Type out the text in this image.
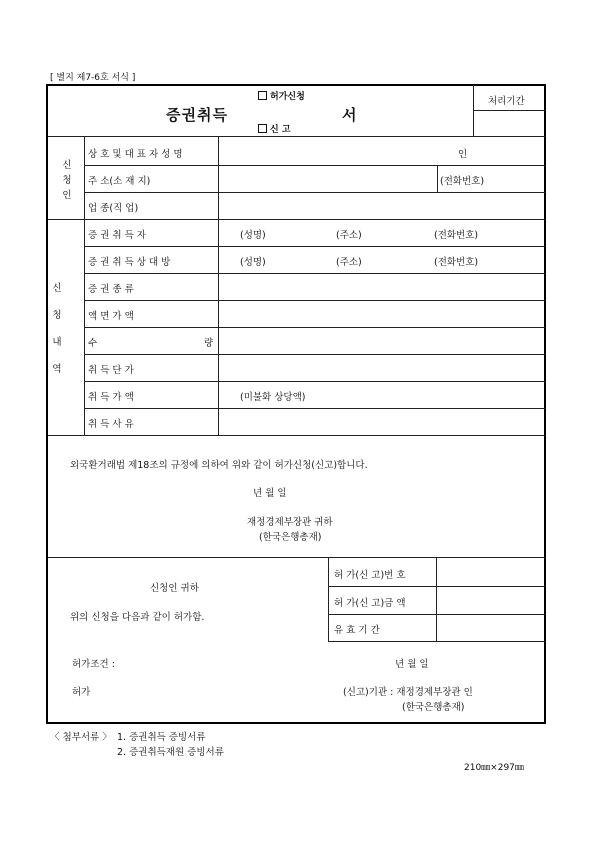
[ 별지 제7-6호 서식 ]
허가신청
증권취득	서
신 고
처리기간
신
청
인
상 호 및 대 표 자 성 명	인
주 소(소 재 지)	(전화번호)
업 종(직 업)
신
청
내
역
증 권 취 득 자	(성명)	(주소)	(전화번호)
증 권 취 득 상 대 방	(성명)	(주소)	(전화번호)
증 권 종 류
액 면 가 액
수	량
취 득 단 가
취 득 가 액	(미불화 상당액)
취 득 사 유
외국환거래법 제18조의 규정에 의하여 위와 같이 허가신청(신고)합니다.
년 월 일
재정경제부장관 귀하
(한국은행총재)
신청인 귀하
위의 신청을 다음과 같이 허가함.
허 가(신 고)번 호
허 가(신 고)금 액
유 효 기 간
허가조건 :	년 월 일
허가	(신고)기관 : 재정경제부장관 인
(한국은행총재)
〈 첨부서류 〉 1. 증권취득 증빙서류
2. 증권취득재원 증빙서류
210㎜×297㎜
